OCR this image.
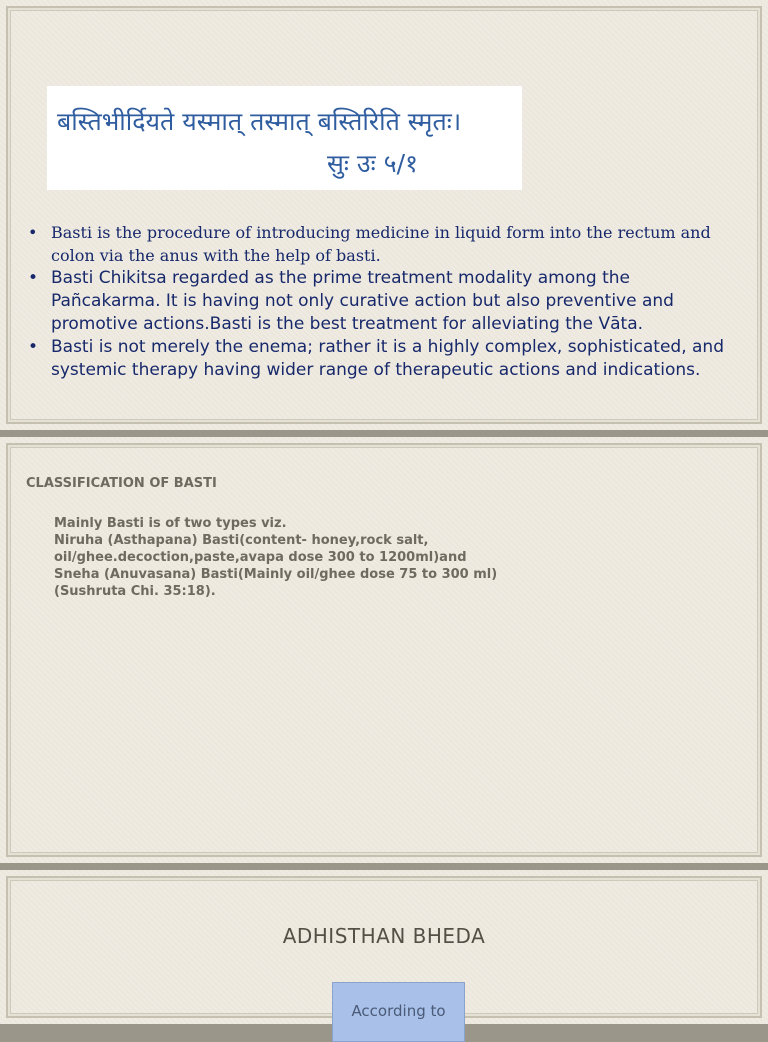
बस्तिभीर्दियते यस्मात् तस्मात् बस्तिरिति स्मृतः।
सुः उः ५/१
• Basti is the procedure of introducing medicine in liquid form into the rectum and colon via the anus with the help of basti.
• Basti Chikitsa regarded as the prime treatment modality among the Pañcakarma. It is having not only curative action but also preventive and promotive actions.Basti is the best treatment for alleviating the Vāta.
• Basti is not merely the enema; rather it is a highly complex, sophisticated, and systemic therapy having wider range of therapeutic actions and indications.
CLASSIFICATION OF BASTI
Mainly Basti is of two types viz.
Niruha (Asthapana) Basti(content- honey,rock salt,
oil/ghee.decoction,paste,avapa dose 300 to 1200ml)and
Sneha (Anuvasana) Basti(Mainly oil/ghee dose 75 to 300 ml)
(Sushruta Chi. 35:18).
ADHISTHAN BHEDA
According to
